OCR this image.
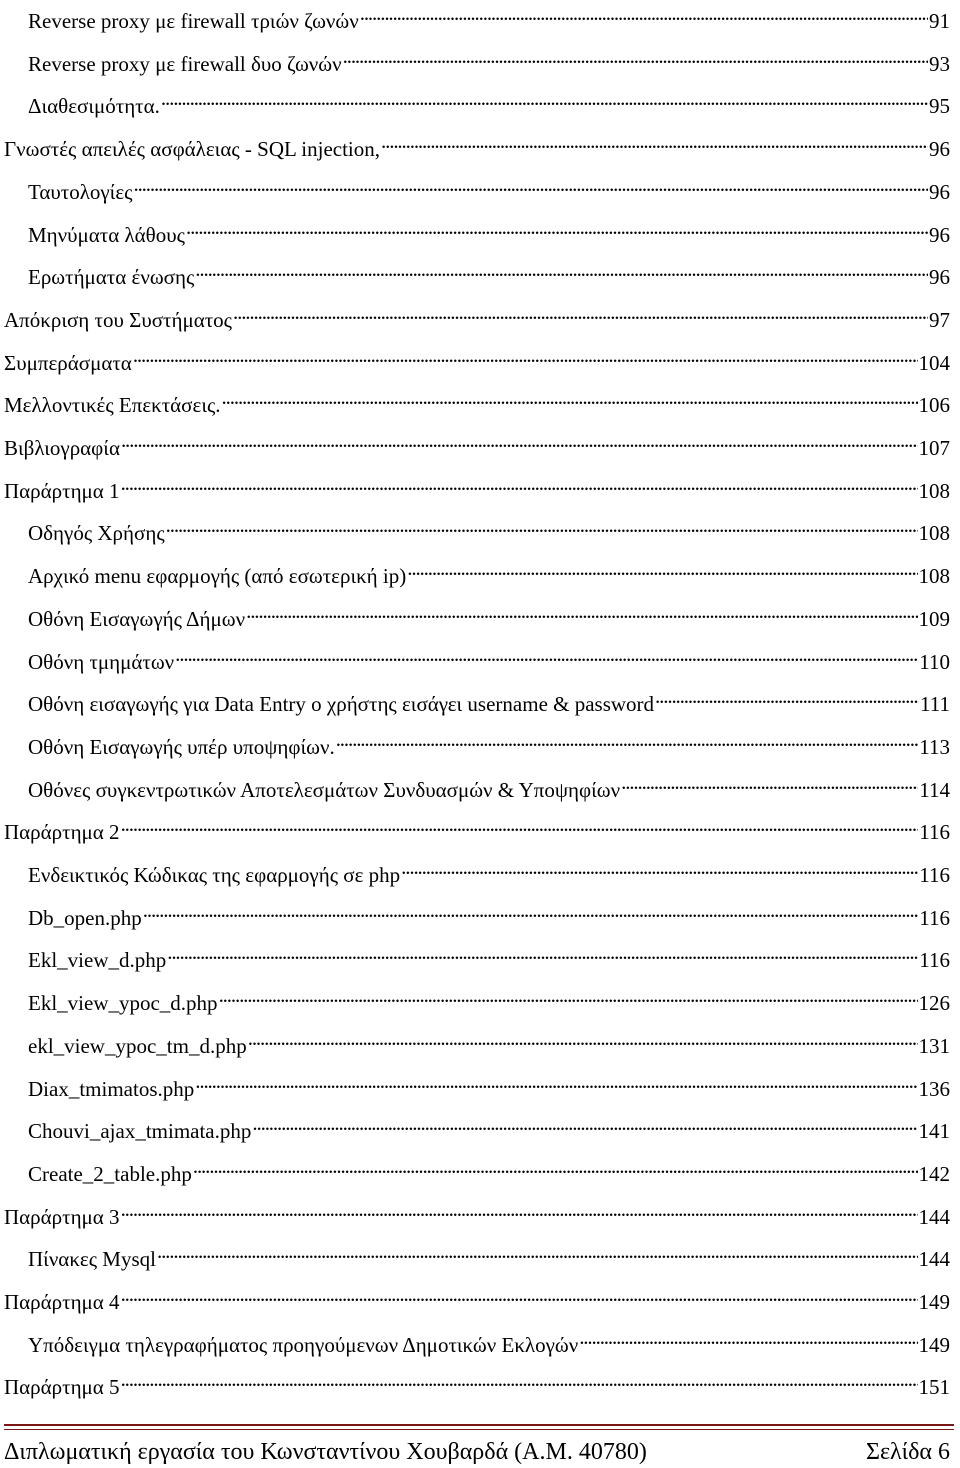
Reverse proxy με firewall τριών ζωνών . . .	91
Reverse proxy με firewall δυο ζωνών . . .	93
Διαθεσιμότητα. . . .	95
Γνωστές απειλές ασφάλειας - SQL injection, . . .	96
Ταυτολογίες . . .	96
Μηνύματα λάθους . . .	96
Ερωτήματα ένωσης . . .	96
Απόκριση του Συστήματος . . .	97
Συμπεράσματα . . .	104
Μελλοντικές Επεκτάσεις. . . .	106
Βιβλιογραφία . . .	107
Παράρτημα 1 . . .	108
Οδηγός Χρήσης . . .	108
Αρχικό menu εφαρμογής (από εσωτερική ip) . . .	108
Οθόνη Εισαγωγής Δήμων . . .	109
Οθόνη τμημάτων . . .	110
Οθόνη εισαγωγής για Data Entry ο χρήστης εισάγει username & password . . .	111
Οθόνη Εισαγωγής υπέρ υποψηφίων. . . .	113
Οθόνες συγκεντρωτικών Αποτελεσμάτων Συνδυασμών & Υποψηφίων . . .	114
Παράρτημα 2 . . .	116
Ενδεικτικός Κώδικας της εφαρμογής σε php . . .	116
Db_open.php . . .	116
Ekl_view_d.php . . .	116
Ekl_view_ypoc_d.php . . .	126
ekl_view_ypoc_tm_d.php . . .	131
Diax_tmimatos.php . . .	136
Chouvi_ajax_tmimata.php . . .	141
Create_2_table.php . . .	142
Παράρτημα 3 . . .	144
Πίνακες Mysql . . .	144
Παράρτημα 4 . . .	149
Υπόδειγμα τηλεγραφήματος προηγούμενων Δημοτικών Εκλογών . . .	149
Παράρτημα 5 . . .	151
Διπλωματική εργασία του Κωνσταντίνου Χουβαρδά (Α.Μ. 40780)	Σελίδα 6
